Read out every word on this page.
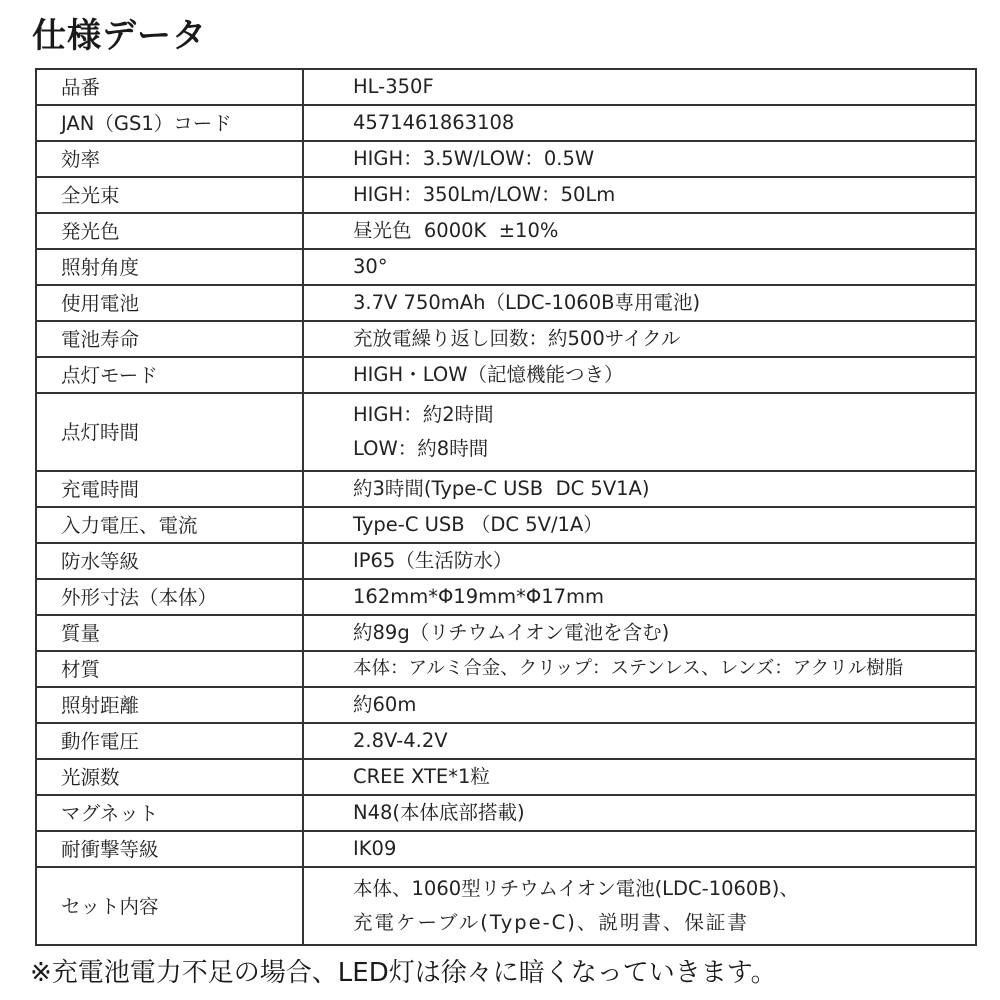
仕様データ
品番	HL-350F

JAN（GS1）コード	4571461863108

効率	HIGH：3.5W/LOW：0.5W

全光束	HIGH：350Lm/LOW：50Lm

発光色	昼光色  6000K  ±10%

照射角度	30°

使用電池	3.7V 750mAh（LDC-1060B専用電池)

電池寿命	充放電繰り返し回数：約500サイクル

点灯モード	HIGH・LOW（記憶機能つき）

点灯時間	HIGH：約2時間
LOW：約8時間

充電時間	約3時間(Type-C USB  DC 5V1A)

入力電圧、電流	Type-C USB （DC 5V/1A）

防水等級	IP65（生活防水）

外形寸法（本体）	162mm*Φ19mm*Φ17mm

質量	約89g（リチウムイオン電池を含む)

材質	本体：アルミ合金、クリップ：ステンレス、レンズ：アクリル樹脂

照射距離	約60m

動作電圧	2.8V-4.2V

光源数	CREE XTE*1粒

マグネット	N48(本体底部搭載)

耐衝撃等級	IK09

セット内容	本体、1060型リチウムイオン電池(LDC-1060B)、
充電ケーブル(Type-C)、説明書、保証書
※充電池電力不足の場合、LED灯は徐々に暗くなっていきます。
